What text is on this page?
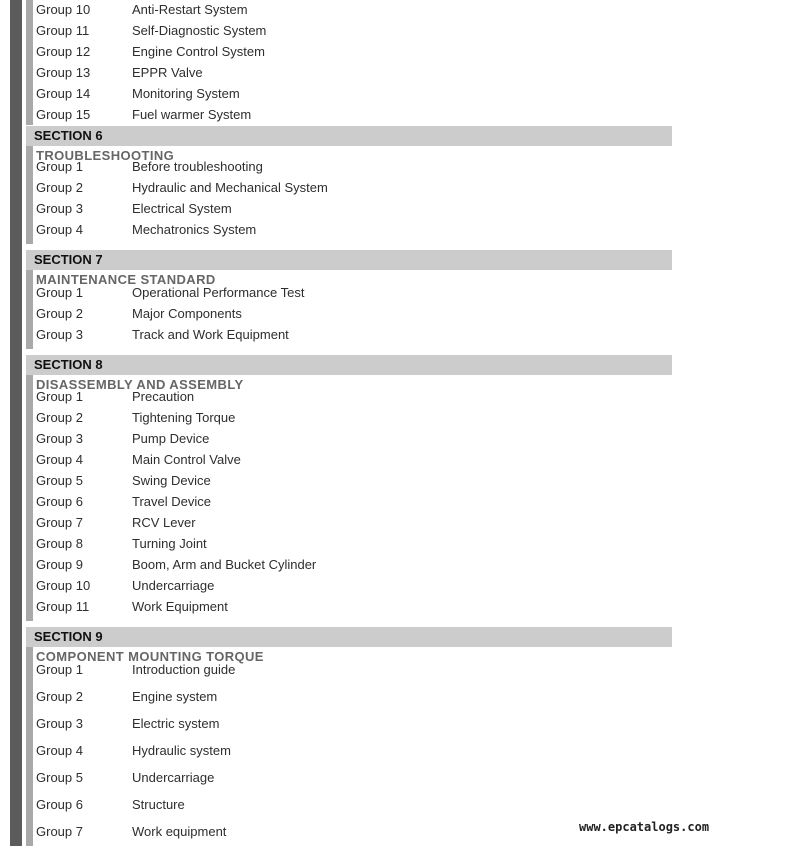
Group 10	Anti-Restart System
Group 11	Self-Diagnostic System
Group 12	Engine Control System
Group 13	EPPR Valve
Group 14	Monitoring System
Group 15	Fuel warmer System
SECTION 6
TROUBLESHOOTING
Group 1	Before troubleshooting
Group 2	Hydraulic and Mechanical System
Group 3	Electrical System
Group 4	Mechatronics System
SECTION 7
MAINTENANCE STANDARD
Group 1	Operational Performance Test
Group 2	Major Components
Group 3	Track and Work Equipment
SECTION 8
DISASSEMBLY AND ASSEMBLY
Group 1	Precaution
Group 2	Tightening Torque
Group 3	Pump Device
Group 4	Main Control Valve
Group 5	Swing Device
Group 6	Travel Device
Group 7	RCV Lever
Group 8	Turning Joint
Group 9	Boom, Arm and Bucket Cylinder
Group 10	Undercarriage
Group 11	Work Equipment
SECTION 9
COMPONENT MOUNTING TORQUE
Group 1	Introduction guide
Group 2	Engine system
Group 3	Electric system
Group 4	Hydraulic system
Group 5	Undercarriage
Group 6	Structure
Group 7	Work equipment	www.epcatalogs.com
